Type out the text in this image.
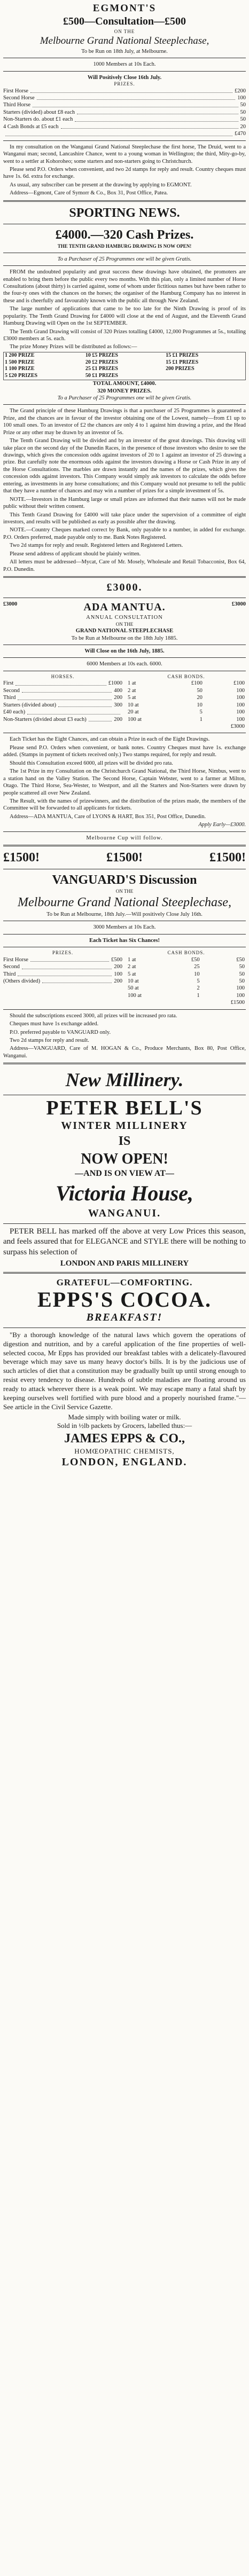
EGMONT'S
£500—Consultation—£500
ON THE
Melbourne Grand National Steeplechase,
To be Run on 18th July, at Melbourne.
1000 Members at 10s Each.
Will Positively Close 16th July.
PRIZES.
First Horse	£200
Second Horse	100
Third Horse	50
Starters (divided) about £8 each	50
Non-Starters do. about £1 each	50
4 Cash Bonds at £5 each	20
£470

In my consultation on the Wanganui Grand National Steeplechase the first horse, The Druid, went to a Wanganui man; second, Lancashire Chance, went to a young woman in Wellington; the third, Mity-go-by, went to a settler at Kohoroheo; some starters and non-starters going to Christchurch.

Please send P.O. Orders when convenient, and two 2d stamps for reply and result. Country cheques must have 1s. 6d. extra for exchange.

As usual, any subscriber can be present at the drawing by applying to EGMONT.

Address—Egmont, Care of Symorr & Co., Box 31, Post Office, Patea.

SPORTING NEWS.
£4000.—320 Cash Prizes.
THE TENTH GRAND HAMBURG DRAWING IS NOW OPEN!
To a Purchaser of 25 Programmes one will be given Gratis.

FROM the undoubted popularity and great success these drawings have obtained, the promoters are enabled to bring them before the public every two months. With this plan, only a limited number of Horse Consultations (about thirty) is carried against, some of whom under fictitious names but have been rather to the four-ty ones with the chances on the horses; the organiser of the Hamburg Company has no interest in these and is cheerfully and favourably known with the public all through New Zealand.

The large number of applications that came to be too late for the Ninth Drawing is proof of its popularity. The Tenth Grand Drawing for £4000 will close at the end of August, and the Eleventh Grand Hamburg Drawing will Open on the 1st SEPTEMBER.

The Tenth Grand Drawing will consist of 320 Prizes totalling £4000, 12,000 Programmes at 5s., totalling £3000 members at 5s. each.

The prize Money Prizes will be distributed as follows:—

1 200 PRIZE	10 £5 PRIZES	15 £1 PRIZES
1 500 PRIZE	20 £2 PRIZES	15 £1 PRIZES
1 100 PRIZE	25 £1 PRIZES	200 PRIZES
5 £20 PRIZES	50 £1 PRIZES	
TOTAL AMOUNT, £4000.
320 MONEY PRIZES.
To a Purchaser of 25 Programmes one will be given Gratis.

The Grand principle of these Hamburg Drawings is that a purchaser of 25 Programmes is guaranteed a Prize, and the chances are in favour of the investor obtaining one of the Lowest, namely—from £1 up to 100 small ones. To an investor of £2 the chances are only 4 to 1 against him drawing a prize, and the Head Prize or any other may be drawn by an investor of 5s.

The Tenth Grand Drawing will be divided and by an investor of the great drawings. This drawing will take place on the second day of the Dunedin Races, in the presence of those investors who desire to see the drawings, which gives the concession odds against investors of 20 to 1 against an investor of 25 drawing a prize. But carefully note the enormous odds against the investors drawing a Horse or Cash Prize in any of the Horse Consultations. The marbles are drawn instantly and the names of the prizes, which gives the concession odds against investors. This Company would simply ask investors to calculate the odds before entering, as investments in any horse consultations; and this Company would not presume to tell the public that they have a number of chances and may win a number of prizes for a simple investment of 5s.

NOTE.—Investors in the Hamburg large or small prizes are informed that their names will not be made public without their written consent.

This Tenth Grand Drawing for £4000 will take place under the supervision of a committee of eight investors, and results will be published as early as possible after the drawing.

NOTE.—Country Cheques marked correct by Bank, only payable to a number, in added for exchange. P.O. Orders preferred, made payable only to me. Bank Notes Registered.

Two 2d stamps for reply and result. Registered letters and Registered Letters.

Please send address of applicant should be plainly written.

All letters must be addressed—Mycat, Care of Mr. Mosely, Wholesale and Retail Tobacconist, Box 64, P.O. Dunedin.

£3000.
£3000	ADA MANTUA.	£3000
ANNUAL CONSULTATION
ON THE
GRAND NATIONAL STEEPLECHASE
To be Run at Melbourne on the 18th July 1885.
Will Close on the 16th July, 1885.
6000 Members at 10s each. 6000.
HORSES.
First	£1000
Second	400
Third	200
Starters (divided about)	300
£40 each)
Non-Starters (divided about £3 each)	200
CASH BONDS.
1 at	£100	£100
2 at	50	100
5 at	20	100
10 at	10	100
20 at	5	100
100 at	1	100
		£3000

Each Ticket has the Eight Chances, and can obtain a Prize in each of the Eight Drawings.

Please send P.O. Orders when convenient, or bank notes. Country Cheques must have 1s. exchange added. (Stamps in payment of tickets received only.) Two stamps required, for reply and result.

Should this Consultation exceed 6000, all prizes will be divided pro rata.

The 1st Prize in my Consultation on the Christchurch Grand National, the Third Horse, Nimbus, went to a station hand on the Valley Station. The Second Horse, Captain Webster, went to a farmer at Milton, Otago. The Third Horse, Sea-Wester, to Westport, and all the Starters and Non-Starters were drawn by people scattered all over New Zealand.

The Result, with the names of prizewinners, and the distribution of the prizes made, the members of the Committee will be forwarded to all applicants for tickets.

Address—ADA MANTUA, Care of LYONS & HART, Box 351, Post Office, Dunedin.

Apply Early—£3000.
Melbourne Cup will follow.
£1500!	£1500!	£1500!
VANGUARD'S Discussion
ON THE
Melbourne Grand National Steeplechase,
To be Run at Melbourne, 18th July.—Will positively Close July 16th.
3000 Members at 10s Each.
Each Ticket has Six Chances!
PRIZES.
First Horse	£500
Second	200
Third	100
(Others divided)	200
CASH BONDS.
1 at	£50	£50
2 at	25	50
5 at	10	50
10 at	5	50
50 at	2	100
100 at	1	100
		£1500

Should the subscriptions exceed 3000, all prizes will be increased pro rata.

Cheques must have 1s exchange added.

P.O. preferred payable to VANGUARD only.

Two 2d stamps for reply and result.

Address—VANGUARD, Care of M. HOGAN & Co., Produce Merchants, Box 80, Post Office, Wanganui.

New Millinery.
PETER BELL'S
WINTER MILLINERY
IS
NOW OPEN!
—AND IS ON VIEW AT—
Victoria House,
WANGANUI.

PETER BELL has marked off the above at very Low Prices this season, and feels assured that for ELEGANCE and STYLE there will be nothing to surpass his selection of

LONDON AND PARIS MILLINERY
GRATEFUL—COMFORTING.
EPPS'S COCOA.
BREAKFAST!

"By a thorough knowledge of the natural laws which govern the operations of digestion and nutrition, and by a careful application of the fine properties of well-selected cocoa, Mr Epps has provided our breakfast tables with a delicately-flavoured beverage which may save us many heavy doctor's bills. It is by the judicious use of such articles of diet that a constitution may be gradually built up until strong enough to resist every tendency to disease. Hundreds of subtle maladies are floating around us ready to attack wherever there is a weak point. We may escape many a fatal shaft by keeping ourselves well fortified with pure blood and a properly nourished frame."—See article in the Civil Service Gazette.

Made simply with boiling water or milk.
Sold in ½lb packets by Grocers, labelled thus:—
JAMES EPPS & CO.,
HOMŒOPATHIC CHEMISTS,
LONDON, ENGLAND.
